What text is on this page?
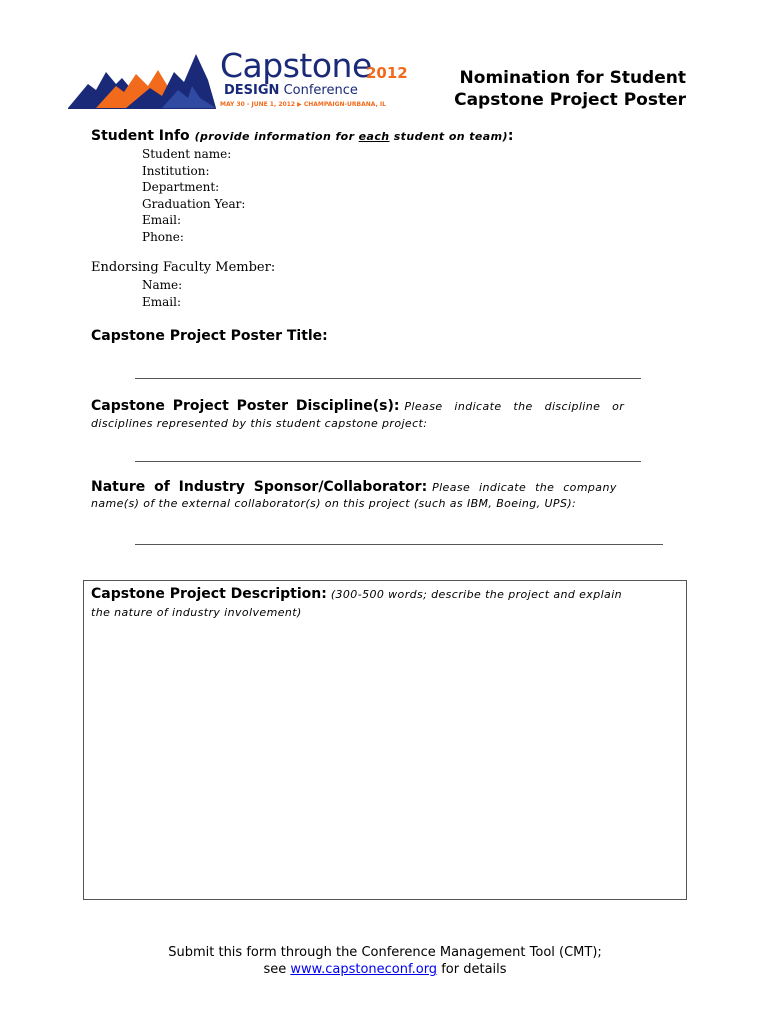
Capstone
2012
DESIGN Conference
MAY 30 - JUNE 1, 2012 ▶ CHAMPAIGN-URBANA, IL
Nomination for Student
Capstone Project Poster
Student Info (provide information for each student on team):
Student name:
Institution:
Department:
Graduation Year:
Email:
Phone:
Endorsing Faculty Member:
Name:
Email:
Capstone Project Poster Title:
Capstone Project Poster Discipline(s): Please indicate the discipline or
disciplines represented by this student capstone project:
Nature of Industry Sponsor/Collaborator: Please indicate the company
name(s) of the external collaborator(s) on this project (such as IBM, Boeing, UPS):
Capstone Project Description: (300-500 words; describe the project and explain
the nature of industry involvement)
Submit this form through the Conference Management Tool (CMT);
see www.capstoneconf.org for details
